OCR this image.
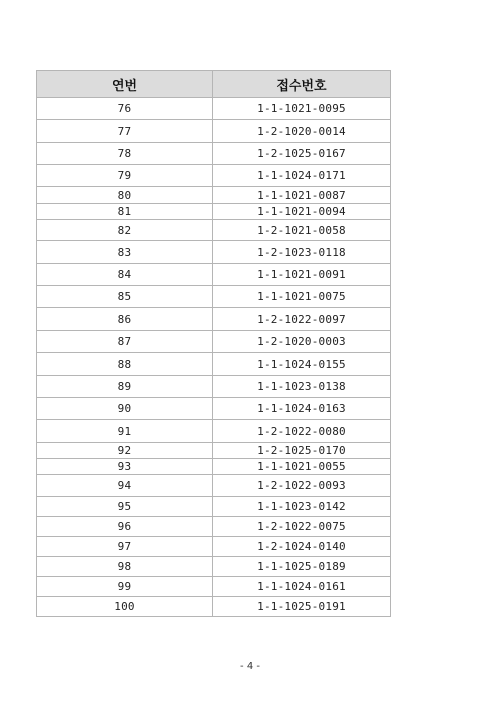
연번	접수번호
76	1-1-1021-0095
77	1-2-1020-0014
78	1-2-1025-0167
79	1-1-1024-0171
80	1-1-1021-0087
81	1-1-1021-0094
82	1-2-1021-0058
83	1-2-1023-0118
84	1-1-1021-0091
85	1-1-1021-0075
86	1-2-1022-0097
87	1-2-1020-0003
88	1-1-1024-0155
89	1-1-1023-0138
90	1-1-1024-0163
91	1-2-1022-0080
92	1-2-1025-0170
93	1-1-1021-0055
94	1-2-1022-0093
95	1-1-1023-0142
96	1-2-1022-0075
97	1-2-1024-0140
98	1-1-1025-0189
99	1-1-1024-0161
100	1-1-1025-0191
- 4 -
